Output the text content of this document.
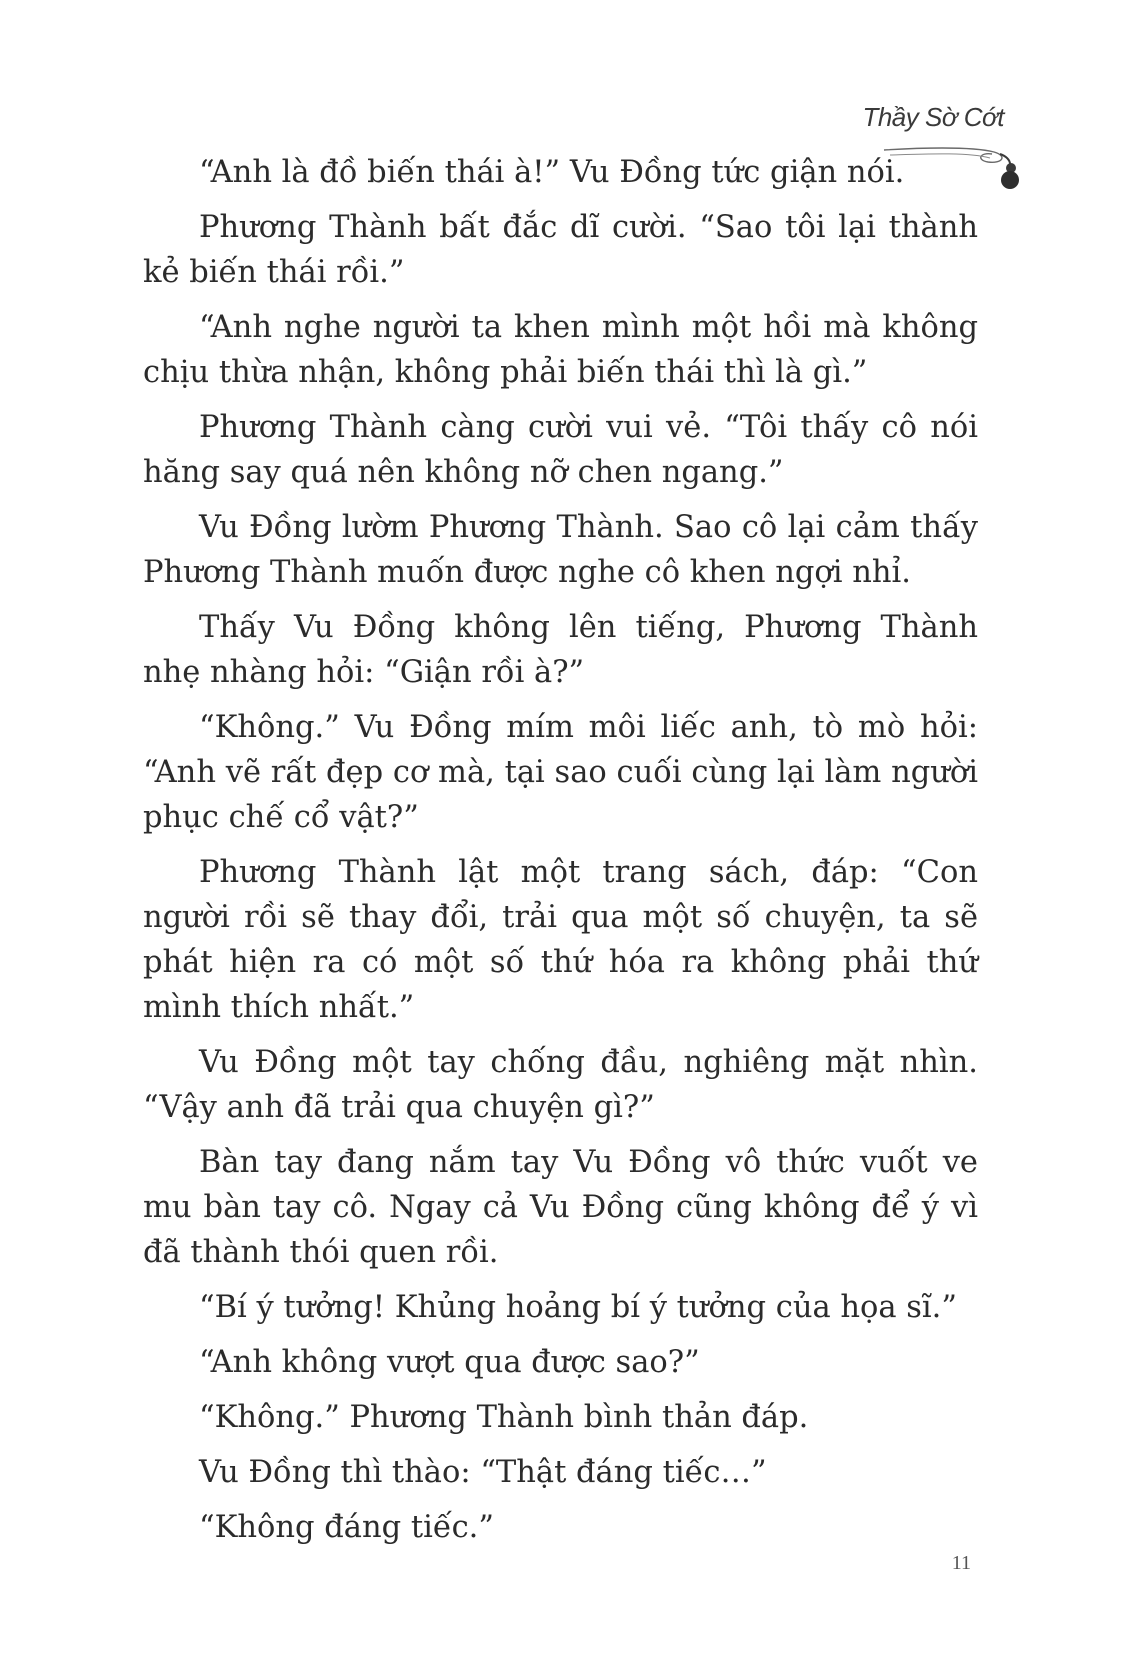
Thầy Sờ Cớt

“Anh là đồ biến thái à!” Vu Đồng tức giận nói.

Phương Thành bất đắc dĩ cười. “Sao tôi lại thành kẻ biến thái rồi.”

“Anh nghe người ta khen mình một hồi mà không chịu thừa nhận, không phải biến thái thì là gì.”

Phương Thành càng cười vui vẻ. “Tôi thấy cô nói hăng say quá nên không nỡ chen ngang.”

Vu Đồng lườm Phương Thành. Sao cô lại cảm thấy Phương Thành muốn được nghe cô khen ngợi nhỉ.

Thấy Vu Đồng không lên tiếng, Phương Thành nhẹ nhàng hỏi: “Giận rồi à?”

“Không.” Vu Đồng mím môi liếc anh, tò mò hỏi: “Anh vẽ rất đẹp cơ mà, tại sao cuối cùng lại làm người phục chế cổ vật?”

Phương Thành lật một trang sách, đáp: “Con người rồi sẽ thay đổi, trải qua một số chuyện, ta sẽ phát hiện ra có một số thứ hóa ra không phải thứ mình thích nhất.”

Vu Đồng một tay chống đầu, nghiêng mặt nhìn. “Vậy anh đã trải qua chuyện gì?”

Bàn tay đang nắm tay Vu Đồng vô thức vuốt ve mu bàn tay cô. Ngay cả Vu Đồng cũng không để ý vì đã thành thói quen rồi.

“Bí ý tưởng! Khủng hoảng bí ý tưởng của họa sĩ.”

“Anh không vượt qua được sao?”

“Không.” Phương Thành bình thản đáp.

Vu Đồng thì thào: “Thật đáng tiếc…”

“Không đáng tiếc.”

11
